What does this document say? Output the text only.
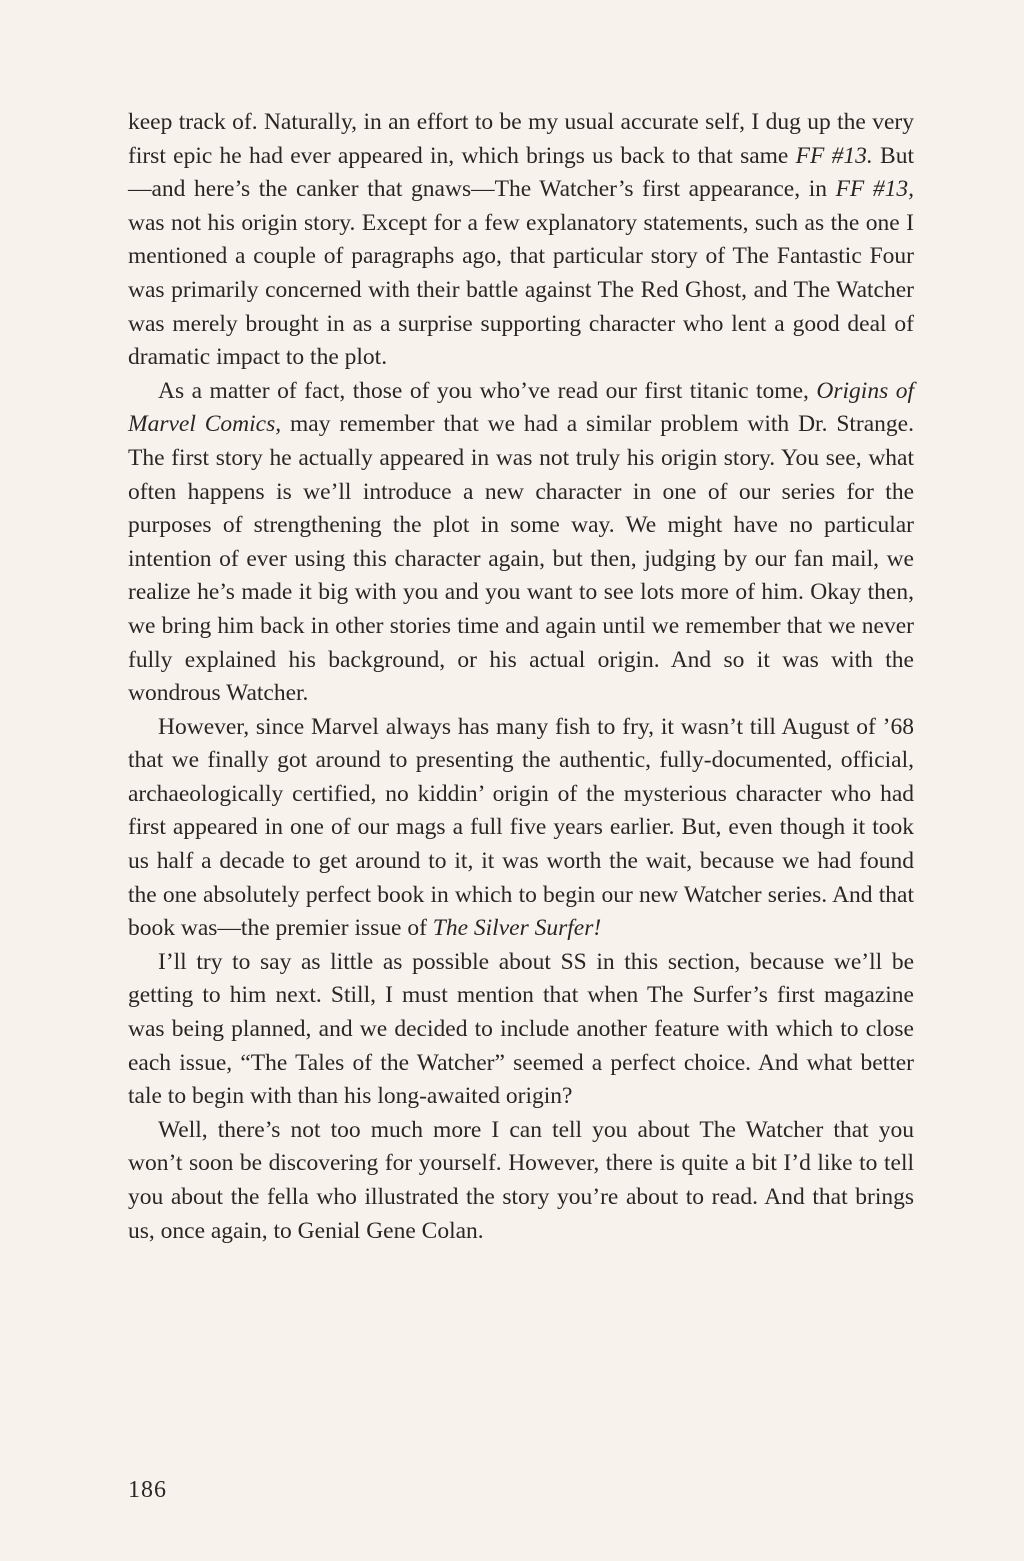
keep track of. Naturally, in an effort to be my usual accurate self, I dug up the very first epic he had ever appeared in, which brings us back to that same FF #13. But—and here’s the canker that gnaws—The Watcher’s first appearance, in FF #13, was not his origin story. Except for a few explanatory statements, such as the one I mentioned a couple of paragraphs ago, that particular story of The Fantastic Four was primarily concerned with their battle against The Red Ghost, and The Watcher was merely brought in as a surprise supporting character who lent a good deal of dramatic impact to the plot.

As a matter of fact, those of you who’ve read our first titanic tome, Origins of Marvel Comics, may remember that we had a similar problem with Dr. Strange. The first story he actually appeared in was not truly his origin story. You see, what often happens is we’ll introduce a new character in one of our series for the purposes of strengthening the plot in some way. We might have no particular intention of ever using this character again, but then, judging by our fan mail, we realize he’s made it big with you and you want to see lots more of him. Okay then, we bring him back in other stories time and again until we remember that we never fully explained his background, or his actual origin. And so it was with the wondrous Watcher.

However, since Marvel always has many fish to fry, it wasn’t till August of ’68 that we finally got around to presenting the authentic, fully-documented, official, archaeologically certified, no kiddin’ origin of the mysterious character who had first appeared in one of our mags a full five years earlier. But, even though it took us half a decade to get around to it, it was worth the wait, because we had found the one absolutely perfect book in which to begin our new Watcher series. And that book was—the premier issue of The Silver Surfer!

I’ll try to say as little as possible about SS in this section, because we’ll be getting to him next. Still, I must mention that when The Surfer’s first magazine was being planned, and we decided to include another feature with which to close each issue, “The Tales of the Watcher” seemed a perfect choice. And what better tale to begin with than his long-awaited origin?

Well, there’s not too much more I can tell you about The Watcher that you won’t soon be discovering for yourself. However, there is quite a bit I’d like to tell you about the fella who illustrated the story you’re about to read. And that brings us, once again, to Genial Gene Colan.

186
